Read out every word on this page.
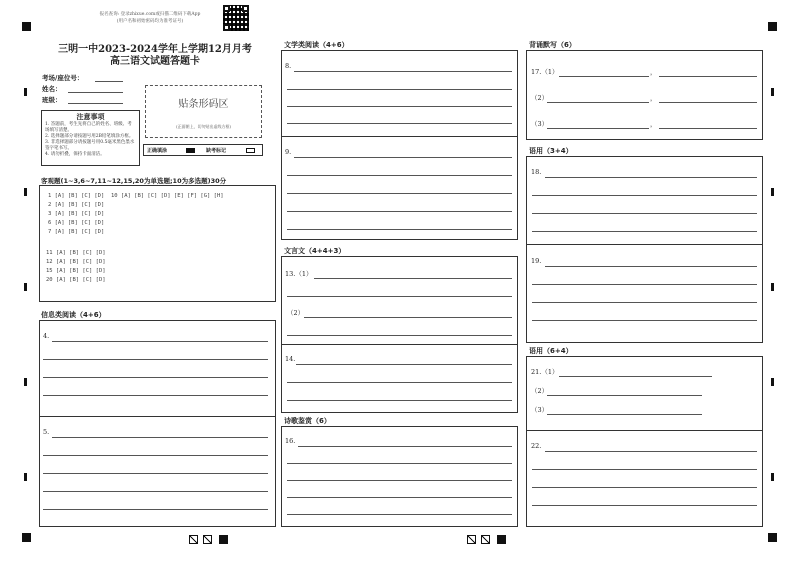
报名查询: 登录zhixue.com或扫描二维码下载App
(用户名和初始密码均为准考证号)
三明一中2023-2024学年上学期12月月考
高三语文试题答题卡
考场/座位号：
姓名：
班级：
注意事项
1. 答题前，考生先将自己的姓名、班级、考场填写清楚。
2. 选择题部分请按题号用2B铅笔填涂方框。
3. 非选择题部分请按题号用0.5毫米黑色墨水签字笔书写。
4. 请勿折叠，保持卡面清洁。
贴条形码区
(正面朝上，切勿贴出虚线方框)
正确填涂	缺考标记
客观题(1~3,6~7,11~12,15,20为单选题;10为多选题)30分
1 [A] [B] [C] [D]
2 [A] [B] [C] [D]
3 [A] [B] [C] [D]
6 [A] [B] [C] [D]
7 [A] [B] [C] [D]
10 [A] [B] [C] [D] [E] [F] [G] [H]
11 [A] [B] [C] [D]
12 [A] [B] [C] [D]
15 [A] [B] [C] [D]
20 [A] [B] [C] [D]
信息类阅读（4+6）
4.
5.
文学类阅读（4+6）
8.
9.
文言文（4+4+3）
13.（1）
（2）
14.
诗歌鉴赏（6）
16.
背诵默写（6）
17.（1）	，
（2）	，
（3）	，
语用（3+4）
18.
19.
语用（6+4）
21.（1）
（2）
（3）
22.
